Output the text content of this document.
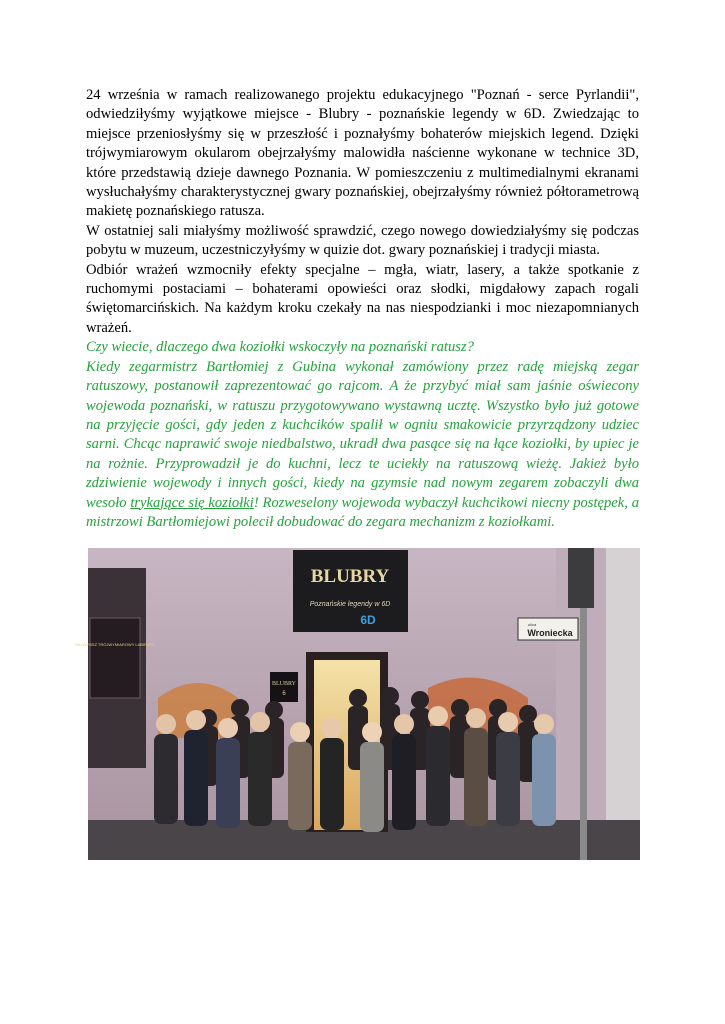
24 września w ramach realizowanego projektu edukacyjnego "Poznań - serce Pyrlandii", odwiedziłyśmy wyjątkowe miejsce - Blubry - poznańskie legendy w 6D. Zwiedzając to miejsce przeniosłyśmy się w przeszłość i poznałyśmy bohaterów miejskich legend. Dzięki trójwymiarowym okularom obejrzałyśmy malowidła naścienne wykonane w technice 3D, które przedstawią dzieje dawnego Poznania. W pomieszczeniu z multimedialnymi ekranami wysłuchałyśmy charakterystycznej gwary poznańskiej, obejrzałyśmy również półtorametrową makietę poznańskiego ratusza.

W ostatniej sali miałyśmy możliwość sprawdzić, czego nowego dowiedziałyśmy się podczas pobytu w muzeum, uczestniczyłyśmy w quizie dot. gwary poznańskiej i tradycji miasta.

Odbiór wrażeń wzmocniły efekty specjalne – mgła, wiatr, lasery, a także spotkanie z ruchomymi postaciami – bohaterami opowieści oraz słodki, migdałowy zapach rogali świętomarcińskich. Na każdym kroku czekały na nas niespodzianki i moc niezapomnianych wrażeń.

Czy wiecie, dlaczego dwa koziołki wskoczyły na poznański ratusz?

Kiedy zegarmistrz Bartłomiej z Gubina wykonał zamówiony przez radę miejską zegar ratuszowy, postanowił zaprezentować go rajcom. A że przybyć miał sam jaśnie oświecony wojewoda poznański, w ratuszu przygotowywano wystawną ucztę. Wszystko było już gotowe na przyjęcie gości, gdy jeden z kuchcików spalił w ogniu smakowicie przyrządzony udziec sarni. Chcąc naprawić swoje niedbalstwo, ukradł dwa pasące się na łące koziołki, by upiec je na rożnie. Przyprowadził je do kuchni, lecz te uciekły na ratuszową wieżę. Jakież było zdziwienie wojewody i innych gości, kiedy na gzymsie nad nowym zegarem zobaczyli dwa wesoło trykające się koziołki! Rozweselony wojewoda wybaczył kuchcikowi niecny postępek, a mistrzowi Bartłomiejowi polecił dobudować do zegara mechanizm z koziołkami.

BLUBRY
Poznańskie legendy w 6D
6D
BLUBRY
6
NAJWYBSZ TRÓJWYMIAROWY LABIRYNT
ulica
Wroniecka
